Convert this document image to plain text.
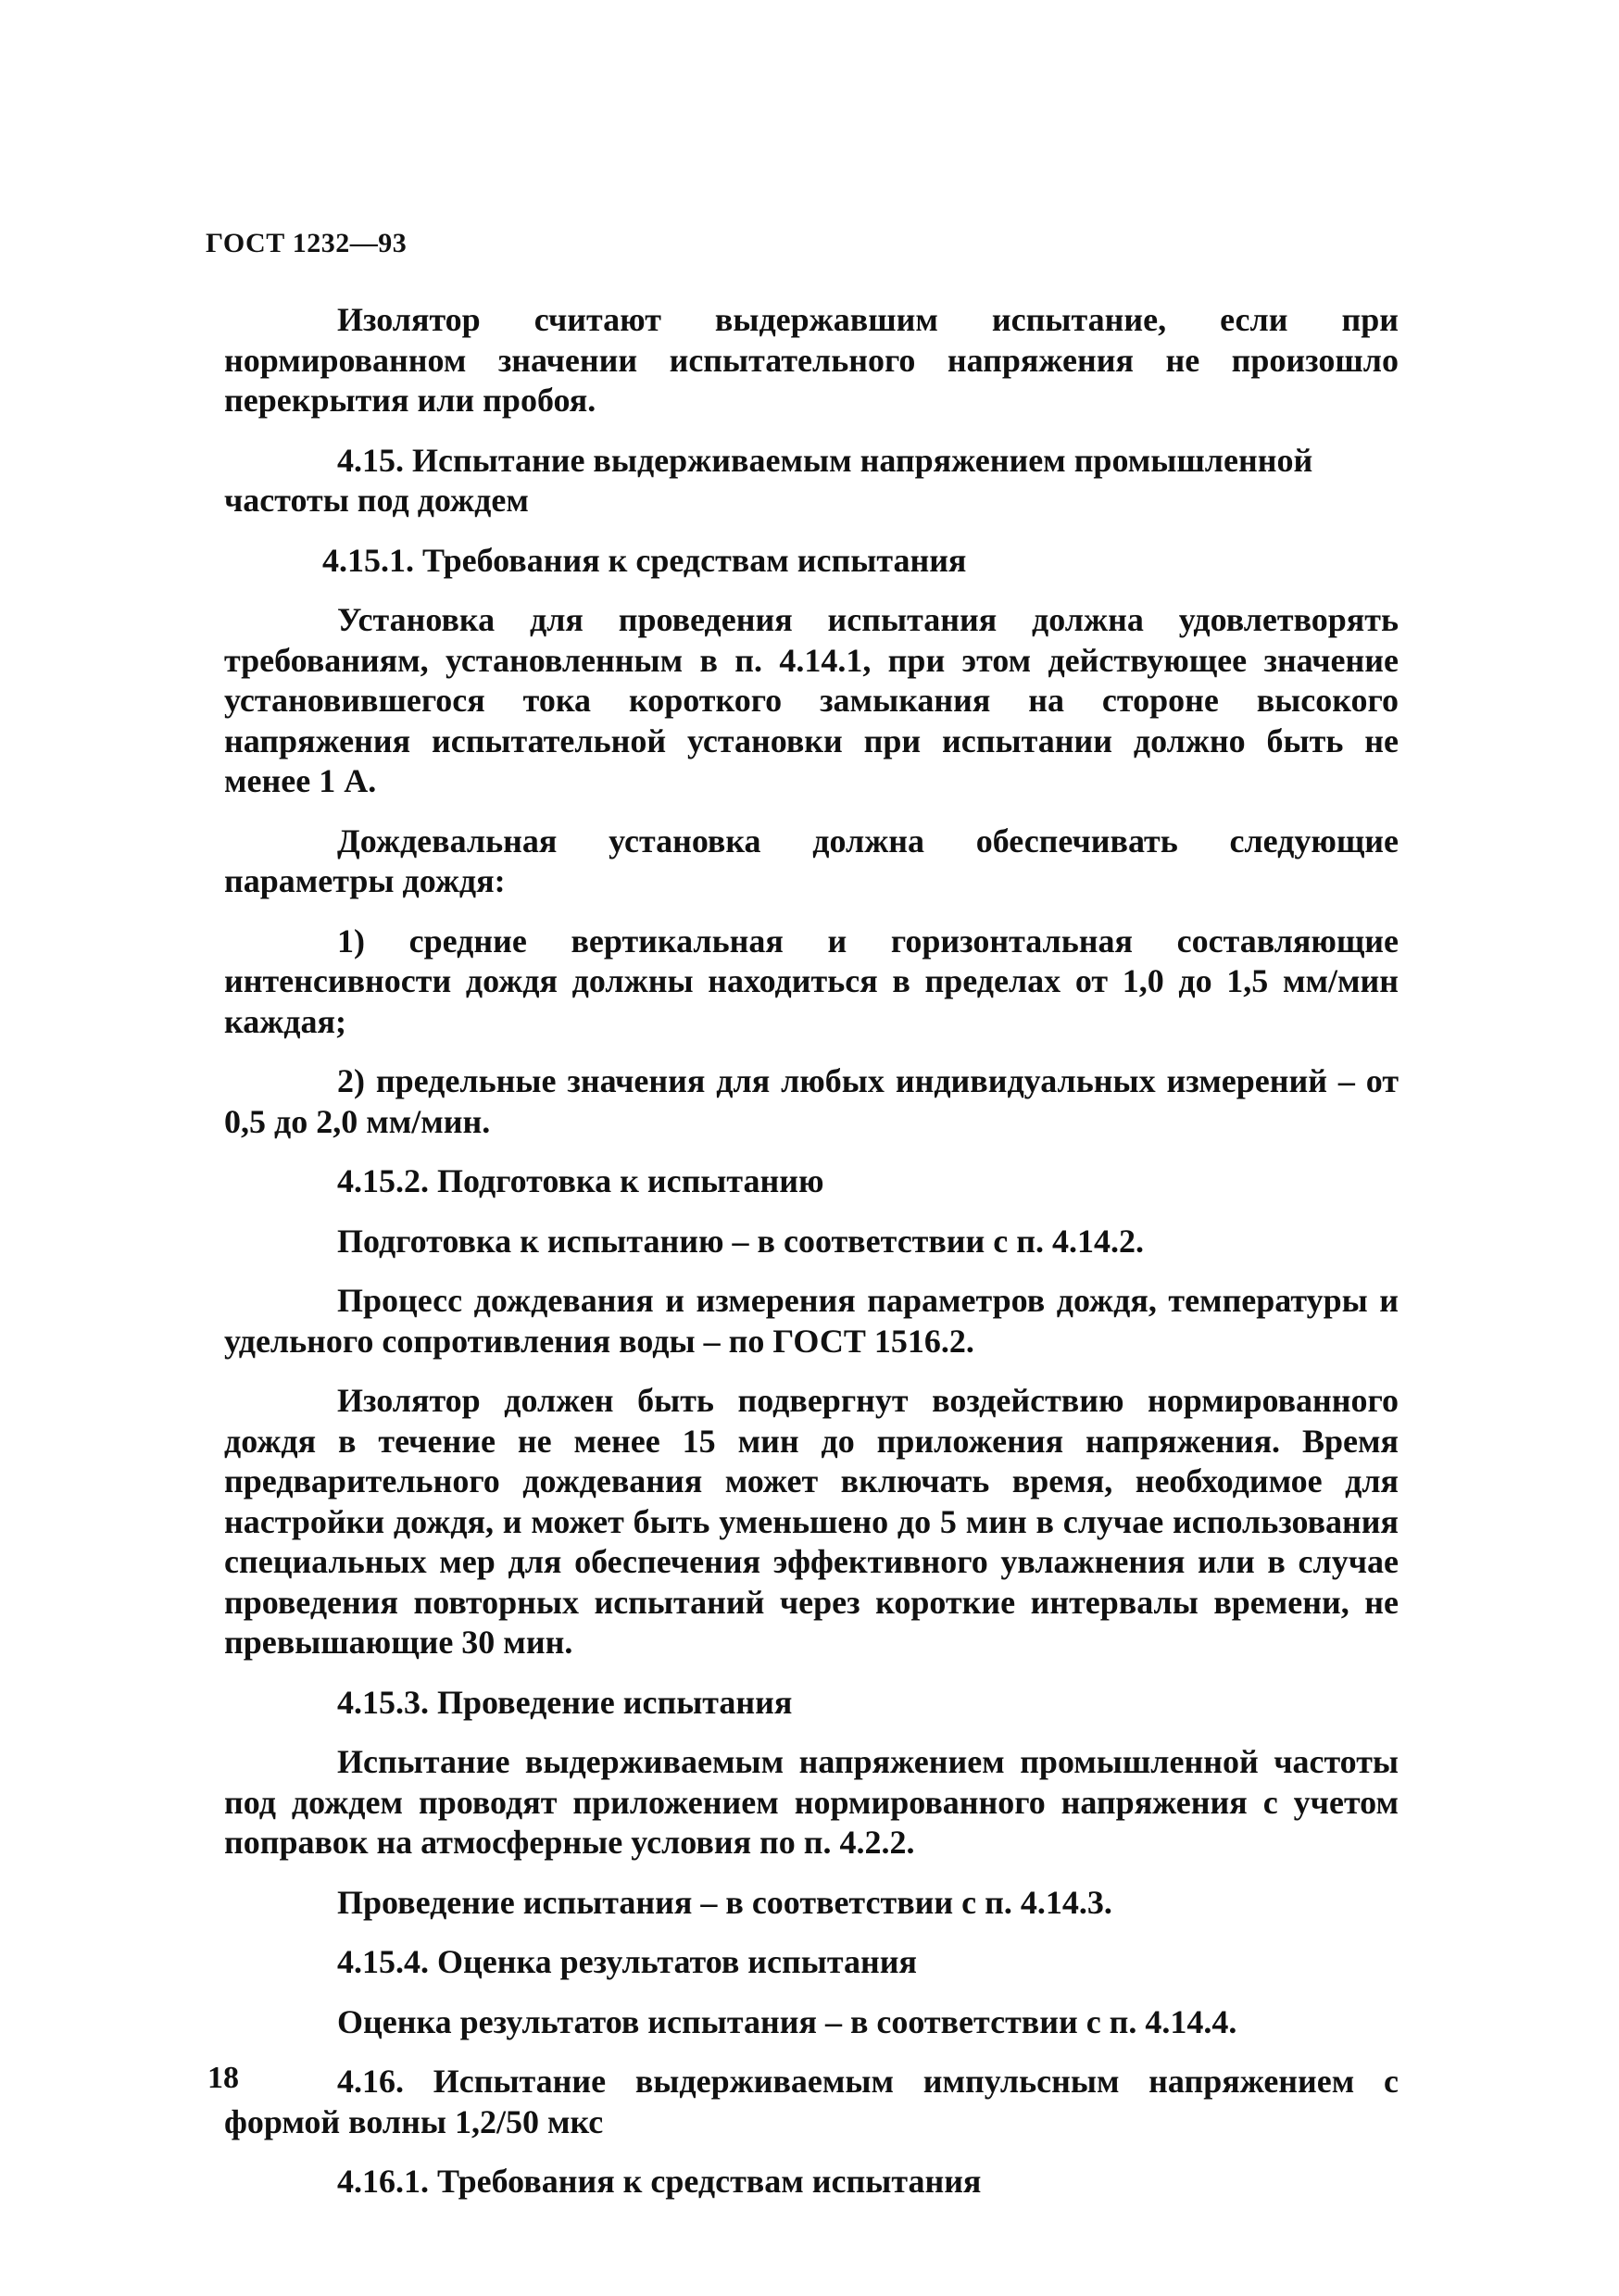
ГОСТ 1232—93

Изолятор считают выдержавшим испытание, если при нормированном значении испытательного напряжения не произошло перекрытия или пробоя.

4.15. Испытание выдерживаемым напряжением промышленной частоты под дождем

4.15.1. Требования к средствам испытания

Установка для проведения испытания должна удовлетворять требованиям, установленным в п. 4.14.1, при этом действующее значение установившегося тока короткого замыкания на стороне высокого напряжения испытательной установки при испытании должно быть не менее 1 А.

Дождевальная установка должна обеспечивать следующие параметры дождя:

1) средние вертикальная и горизонтальная составляющие интенсивности дождя должны находиться в пределах от 1,0 до 1,5 мм/мин каждая;

2) предельные значения для любых индивидуальных измерений – от 0,5 до 2,0 мм/мин.

4.15.2. Подготовка к испытанию

Подготовка к испытанию – в соответствии с п. 4.14.2.

Процесс дождевания и измерения параметров дождя, температуры и удельного сопротивления воды – по ГОСТ 1516.2.

Изолятор должен быть подвергнут воздействию нормированного дождя в течение не менее 15 мин до приложения напряжения. Время предварительного дождевания может включать время, необходимое для настройки дождя, и может быть уменьшено до 5 мин в случае использования специальных мер для обеспечения эффективного увлажнения или в случае проведения повторных испытаний через короткие интервалы времени, не превышающие 30 мин.

4.15.3. Проведение испытания

Испытание выдерживаемым напряжением промышленной частоты под дождем проводят приложением нормированного напряжения с учетом поправок на атмосферные условия по п. 4.2.2.

Проведение испытания – в соответствии с п. 4.14.3.

4.15.4. Оценка результатов испытания

Оценка результатов испытания – в соответствии с п. 4.14.4.

4.16. Испытание выдерживаемым импульсным напряжением с формой волны 1,2/50 мкс

4.16.1. Требования к средствам испытания

18
